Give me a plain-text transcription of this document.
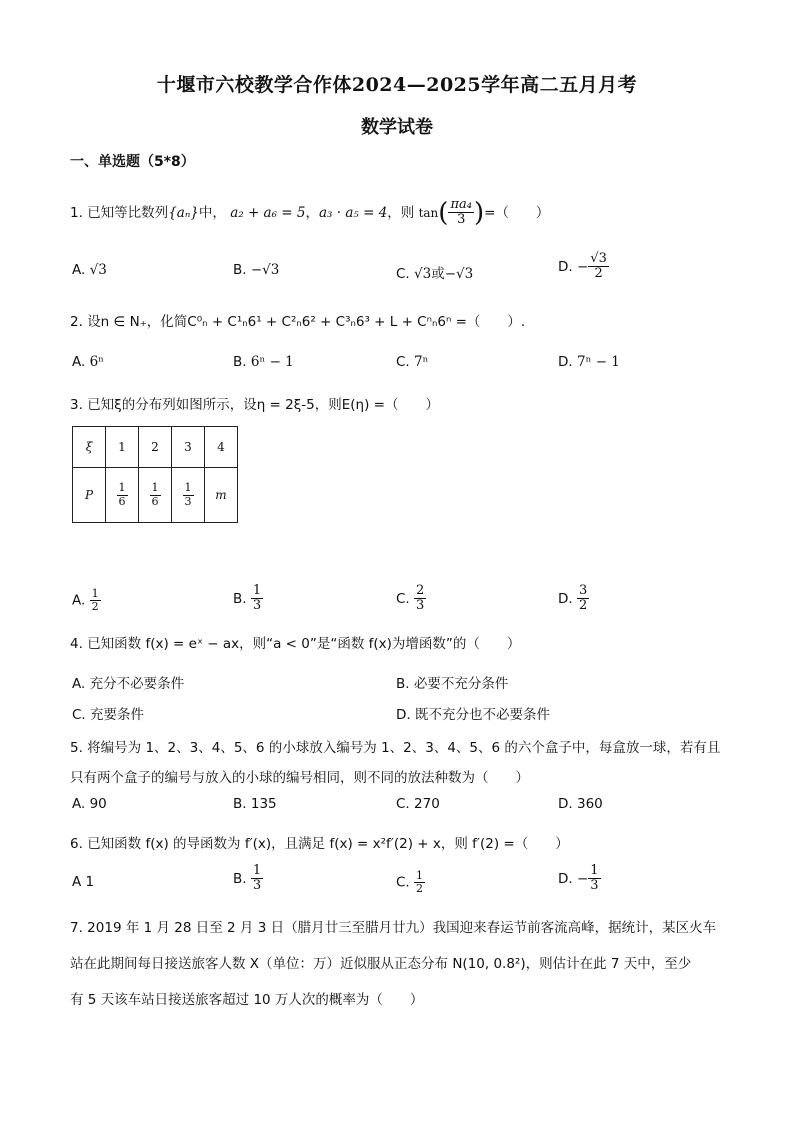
十堰市六校教学合作体2024—2025学年高二五月月考
数学试卷
一、单选题（5*8）
1. 已知等比数列{aₙ}中， a₂ + a₆ = 5，a₃ · a₅ = 4，则 $\tan( \frac{\text{πa₄}}{3}$ )=（　　）
A. √3	B. −√3	C. √3或−√3	D. − $\frac{√3}{2}$
2. 设n ∈ N₊，化简C⁰ₙ + C¹ₙ6¹ + C²ₙ6² + C³ₙ6³ + L + Cⁿₙ6ⁿ =（　　）.
A. 6ⁿ	B. 6ⁿ − 1	C. 7ⁿ	D. 7ⁿ − 1
3. 已知ξ的分布列如图所示，设η = 2ξ-5，则E(η) =（　　）
ξ	1	2	3	4
P	$\frac{1}{6}$	$\frac{1}{6}$	$\frac{1}{3}$	m
A. $\frac{1}{2}$	B. $\frac{1}{3}$	C. $\frac{2}{3}$	D. $\frac{3}{2}$
4. 已知函数 f(x) = eˣ − ax，则“a < 0”是“函数 f(x)为增函数”的（　　）
A. 充分不必要条件	B. 必要不充分条件
C. 充要条件	D. 既不充分也不必要条件
5. 将编号为 1、2、3、4、5、6 的小球放入编号为 1、2、3、4、5、6 的六个盒子中，每盒放一球，若有且
只有两个盒子的编号与放入的小球的编号相同，则不同的放法种数为（　　）
A. 90	B. 135	C. 270	D. 360
6. 已知函数 f(x) 的导函数为 f′(x)，且满足 f(x) = x²f′(2) + x，则 f′(2) =（　　）
A 1	B. $\frac{1}{3}$	C. $\frac{1}{2}$	D. − $\frac{1}{3}$
7. 2019 年 1 月 28 日至 2 月 3 日（腊月廿三至腊月廿九）我国迎来春运节前客流高峰，据统计，某区火车
站在此期间每日接送旅客人数 X（单位：万）近似服从正态分布 N(10, 0.8²)，则估计在此 7 天中，至少
有 5 天该车站日接送旅客超过 10 万人次的概率为（　　）
